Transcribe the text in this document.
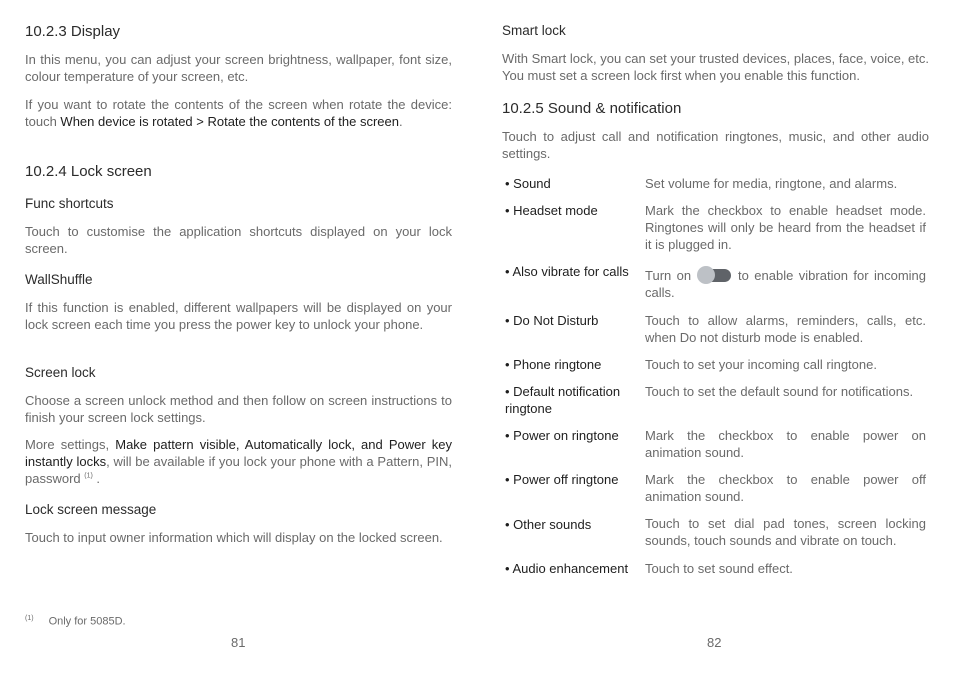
10.2.3 Display

In this menu, you can adjust your screen brightness, wallpaper, font size, colour temperature of your screen, etc.

If you want to rotate the contents of the screen when rotate the device: touch When device is rotated > Rotate the contents of the screen.

10.2.4 Lock screen
Func shortcuts

Touch to customise the application shortcuts displayed on your lock screen.

WallShuffle

If this function is enabled, different wallpapers will be displayed on your lock screen each time you press the power key to unlock your phone.

Screen lock

Choose a screen unlock method and then follow on screen instructions to finish your screen lock settings.

More settings, Make pattern visible, Automatically lock, and Power key instantly locks, will be available if you lock your phone with a Pattern, PIN, password $^{(1)}$ .

Lock screen message

Touch to input owner information which will display on the locked screen.

Smart lock

With Smart lock, you can set your trusted devices, places, face, voice, etc. You must set a screen lock first when you enable this function.

10.2.5 Sound & notification

Touch to adjust call and notification ringtones, music, and other audio settings.

• Sound	Set volume for media, ringtone, and alarms.
• Headset mode	Mark the checkbox to enable headset mode. Ringtones will only be heard from the headset if it is plugged in.
• Also vibrate for calls	Turn on	to enable vibration for incoming calls.
• Do Not Disturb	Touch to allow alarms, reminders, calls, etc. when Do not disturb mode is enabled.
• Phone ringtone	Touch to set your incoming call ringtone.
• Default notification ringtone
Touch to set the default sound for notifications.
• Power on ringtone	Mark the checkbox to enable power on animation sound.
• Power off ringtone	Mark the checkbox to enable power off animation sound.
• Other sounds	Touch to set dial pad tones, screen locking sounds, touch sounds and vibrate on touch.
• Audio enhancement	Touch to set sound effect.
$^{(1)}$ Only for 5085D.
81	82
